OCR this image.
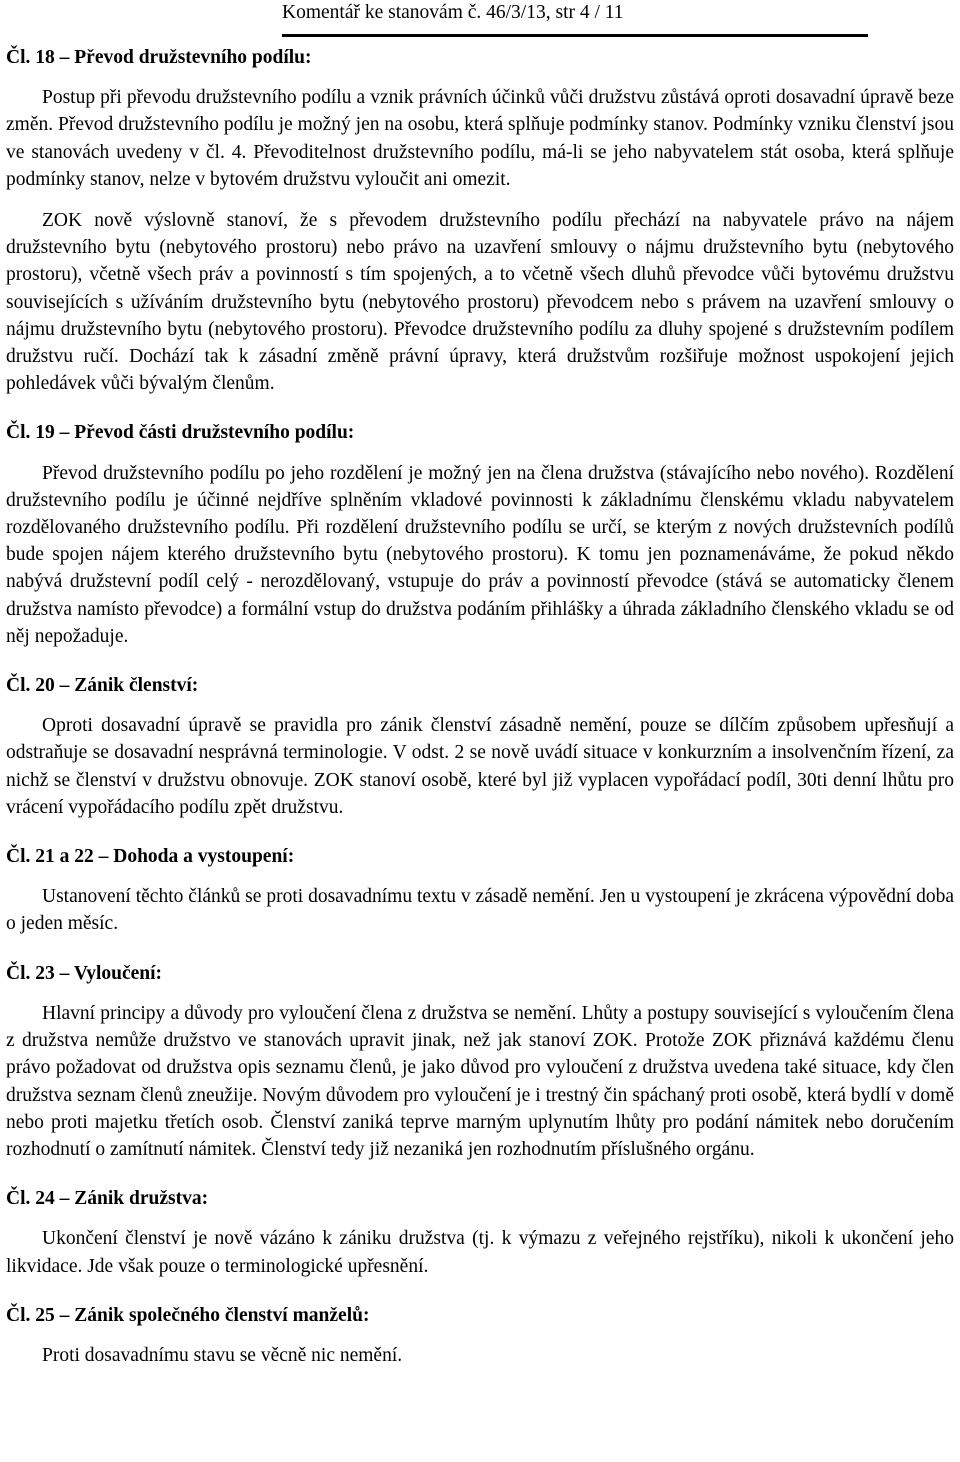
Komentář ke stanovám č. 46/3/13, str 4 / 11
Čl. 18 – Převod družstevního podílu:

Postup při převodu družstevního podílu a vznik právních účinků vůči družstvu zůstává oproti dosavadní úpravě beze změn. Převod družstevního podílu je možný jen na osobu, která splňuje podmínky stanov. Podmínky vzniku členství jsou ve stanovách uvedeny v čl. 4. Převoditelnost družstevního podílu, má-li se jeho nabyvatelem stát osoba, která splňuje podmínky stanov, nelze v bytovém družstvu vyloučit ani omezit.

ZOK nově výslovně stanoví, že s převodem družstevního podílu přechází na nabyvatele právo na nájem družstevního bytu (nebytového prostoru) nebo právo na uzavření smlouvy o nájmu družstevního bytu (nebytového prostoru), včetně všech práv a povinností s tím spojených, a to včetně všech dluhů převodce vůči bytovému družstvu souvisejících s užíváním družstevního bytu (nebytového prostoru) převodcem nebo s právem na uzavření smlouvy o nájmu družstevního bytu (nebytového prostoru). Převodce družstevního podílu za dluhy spojené s družstevním podílem družstvu ručí. Dochází tak k zásadní změně právní úpravy, která družstvům rozšiřuje možnost uspokojení jejich pohledávek vůči bývalým členům.

Čl. 19 – Převod části družstevního podílu:

Převod družstevního podílu po jeho rozdělení je možný jen na člena družstva (stávajícího nebo nového). Rozdělení družstevního podílu je účinné nejdříve splněním vkladové povinnosti k základnímu členskému vkladu nabyvatelem rozdělovaného družstevního podílu. Při rozdělení družstevního podílu se určí, se kterým z nových družstevních podílů bude spojen nájem kterého družstevního bytu (nebytového prostoru). K tomu jen poznamenáváme, že pokud někdo nabývá družstevní podíl celý - nerozdělovaný, vstupuje do práv a povinností převodce (stává se automaticky členem družstva namísto převodce) a formální vstup do družstva podáním přihlášky a úhrada základního členského vkladu se od něj nepožaduje.

Čl. 20 – Zánik členství:

Oproti dosavadní úpravě se pravidla pro zánik členství zásadně nemění, pouze se dílčím způsobem upřesňují a odstraňuje se dosavadní nesprávná terminologie. V odst. 2 se nově uvádí situace v konkurzním a insolvenčním řízení, za nichž se členství v družstvu obnovuje. ZOK stanoví osobě, které byl již vyplacen vypořádací podíl, 30ti denní lhůtu pro vrácení vypořádacího podílu zpět družstvu.

Čl. 21 a 22 – Dohoda a vystoupení:

Ustanovení těchto článků se proti dosavadnímu textu v zásadě nemění. Jen u vystoupení je zkrácena výpovědní doba o jeden měsíc.

Čl. 23 – Vyloučení:

Hlavní principy a důvody pro vyloučení člena z družstva se nemění. Lhůty a postupy související s vyloučením člena z družstva nemůže družstvo ve stanovách upravit jinak, než jak stanoví ZOK. Protože ZOK přiznává každému členu právo požadovat od družstva opis seznamu členů, je jako důvod pro vyloučení z družstva uvedena také situace, kdy člen družstva seznam členů zneužije. Novým důvodem pro vyloučení je i trestný čin spáchaný proti osobě, která bydlí v domě nebo proti majetku třetích osob. Členství zaniká teprve marným uplynutím lhůty pro podání námitek nebo doručením rozhodnutí o zamítnutí námitek. Členství tedy již nezaniká jen rozhodnutím příslušného orgánu.

Čl. 24 – Zánik družstva:

Ukončení členství je nově vázáno k zániku družstva (tj. k výmazu z veřejného rejstříku), nikoli k ukončení jeho likvidace. Jde však pouze o terminologické upřesnění.

Čl. 25 – Zánik společného členství manželů:

Proti dosavadnímu stavu se věcně nic nemění.
